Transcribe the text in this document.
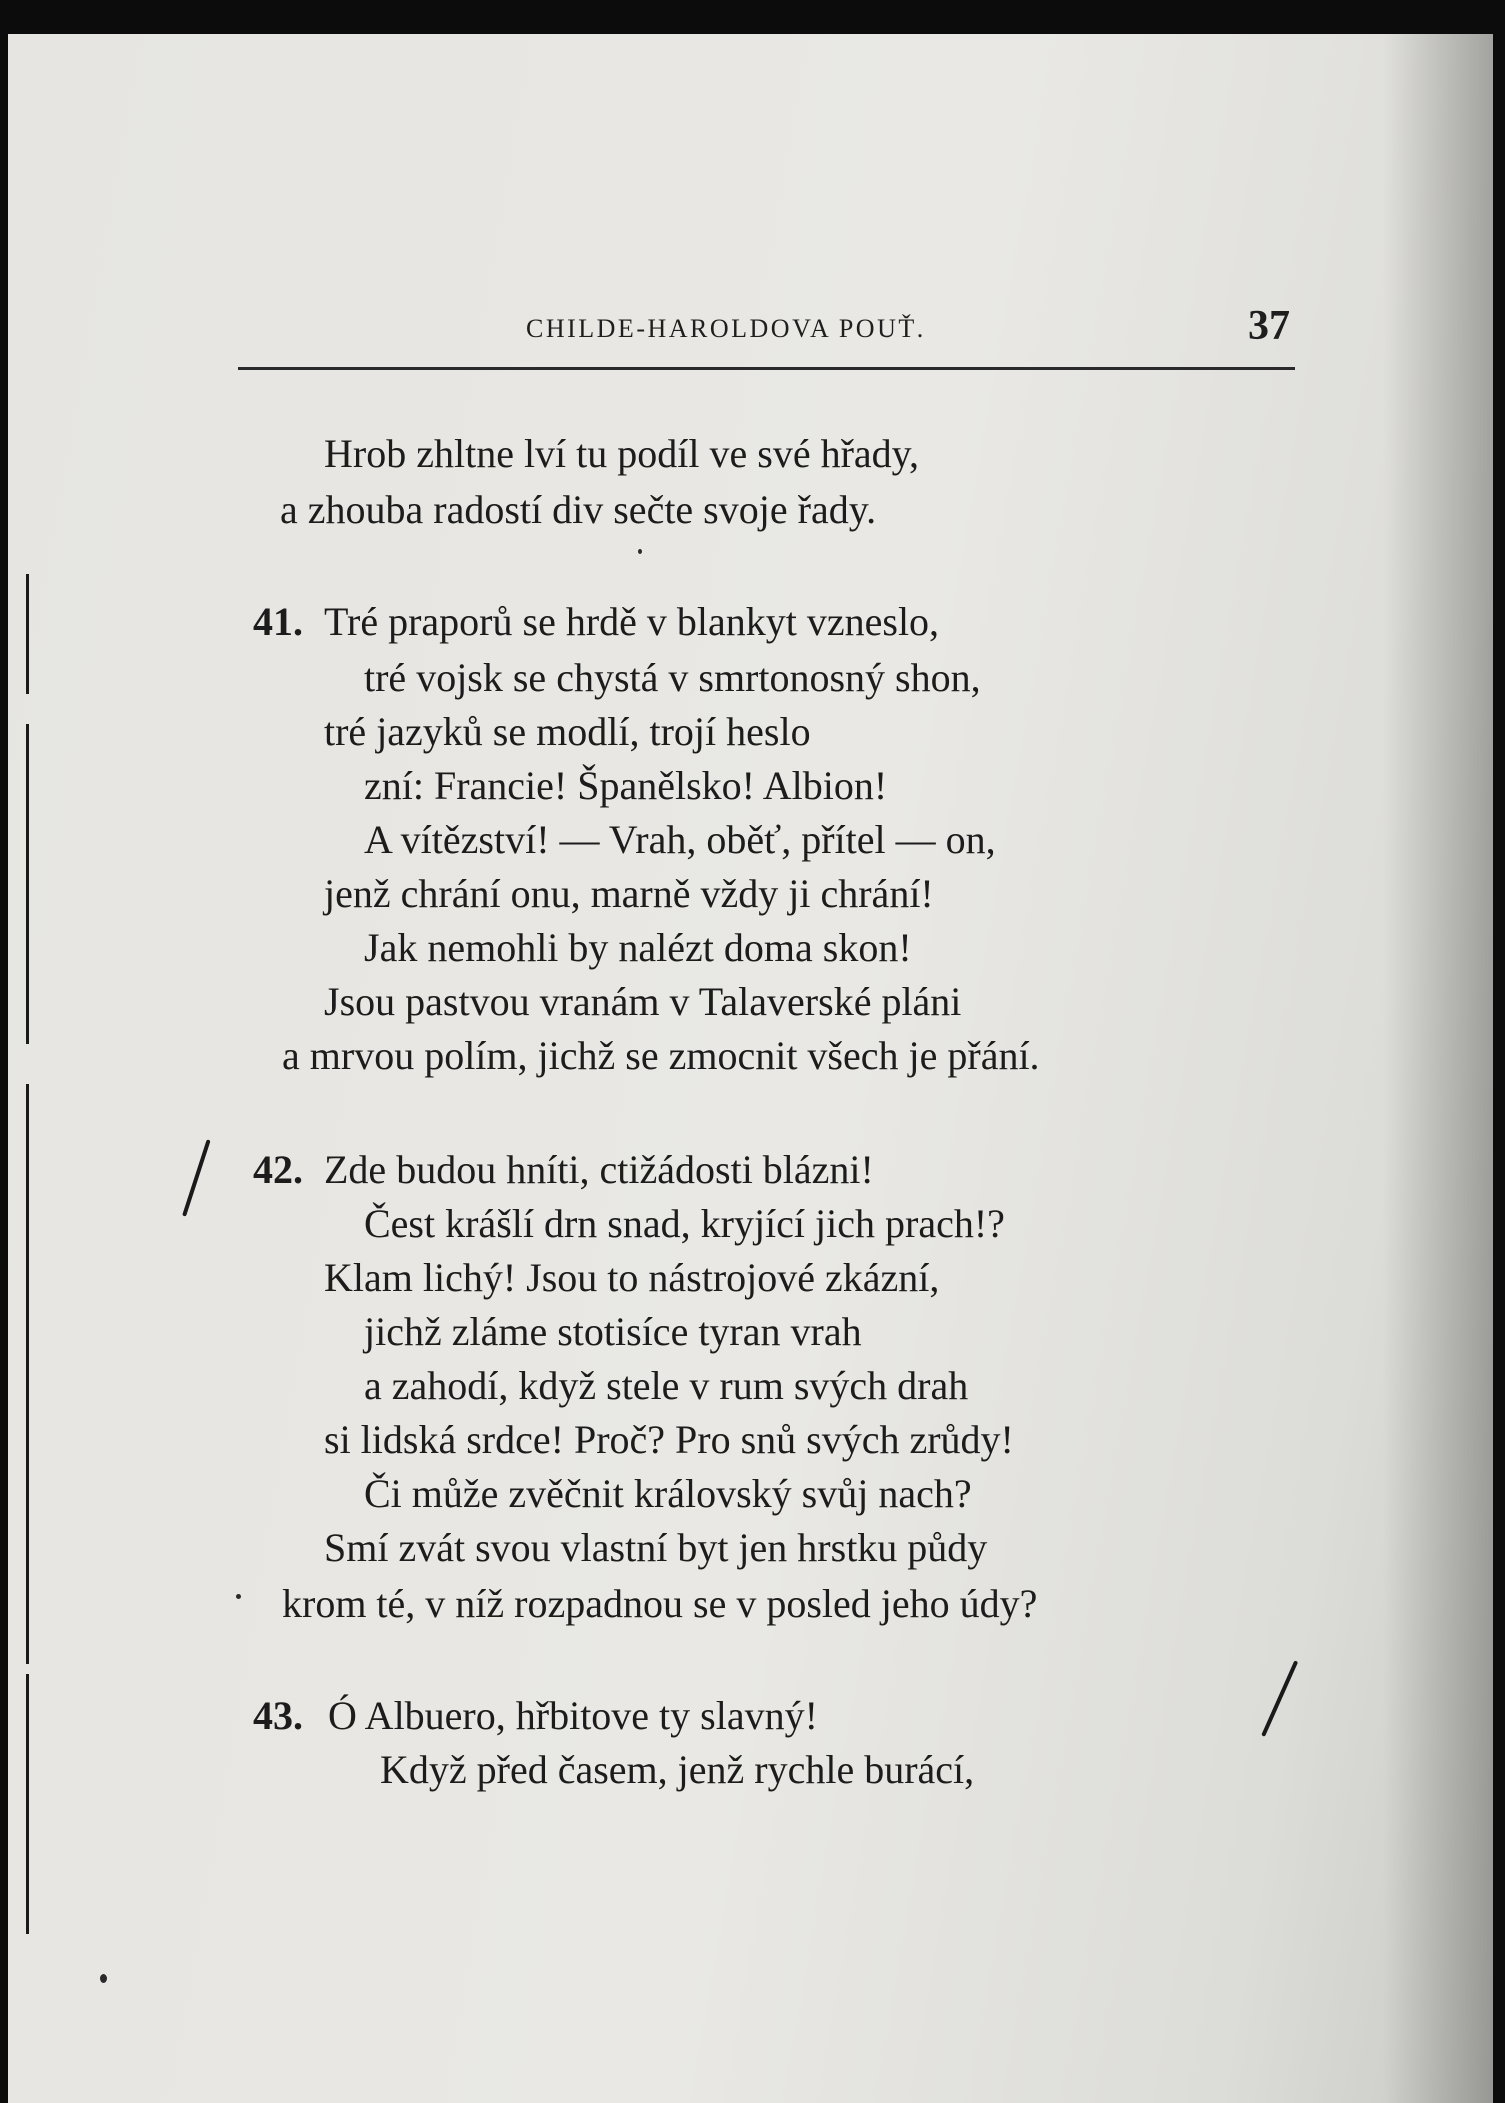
CHILDE-HAROLDOVA POUŤ.	37
Hrob zhltne lví tu podíl ve své hřady,
a zhouba radostí div sečte svoje řady.
41. Tré praporů se hrdě v blankyt vzneslo,
tré vojsk se chystá v smrtonosný shon,
tré jazyků se modlí, trojí heslo
zní: Francie! Španělsko! Albion!
A vítězství! — Vrah, oběť, přítel — on,
jenž chrání onu, marně vždy ji chrání!
Jak nemohli by nalézt doma skon!
Jsou pastvou vranám v Talaverské pláni
a mrvou polím, jichž se zmocnit všech je přání.
42. Zde budou hníti, ctižádosti blázni!
Čest krášlí drn snad, kryjící jich prach!?
Klam lichý! Jsou to nástrojové zkázní,
jichž zláme stotisíce tyran vrah
a zahodí, když stele v rum svých drah
si lidská srdce! Proč? Pro snů svých zrůdy!
Či může zvěčnit královský svůj nach?
Smí zvát svou vlastní byt jen hrstku půdy
krom té, v níž rozpadnou se v posled jeho údy?
43. Ó Albuero, hřbitove ty slavný!
Když před časem, jenž rychle burácí,
